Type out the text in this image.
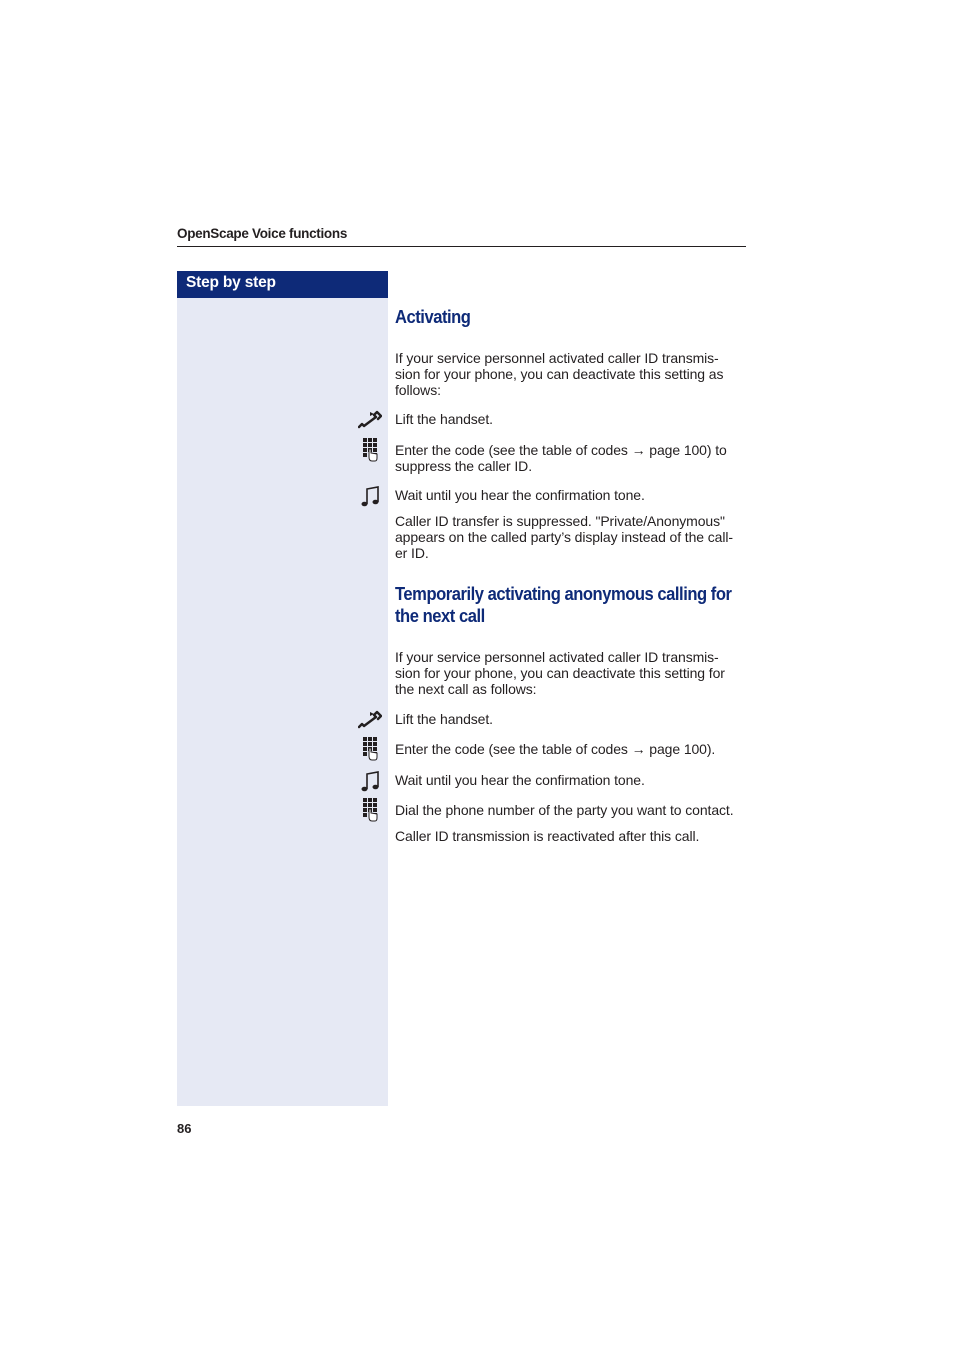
OpenScape Voice functions
Step by step
Activating
If your service personnel activated caller ID transmis-
sion for your phone, you can deactivate this setting as
follows:
Lift the handset.
Enter the code (see the table of codes → page 100) to
suppress the caller ID.
Wait until you hear the confirmation tone.
Caller ID transfer is suppressed. "Private/Anonymous"
appears on the called party’s display instead of the call-
er ID.
Temporarily activating anonymous calling for
the next call
If your service personnel activated caller ID transmis-
sion for your phone, you can deactivate this setting for
the next call as follows:
Lift the handset.
Enter the code (see the table of codes → page 100).
Wait until you hear the confirmation tone.
Dial the phone number of the party you want to contact.
Caller ID transmission is reactivated after this call.
86
